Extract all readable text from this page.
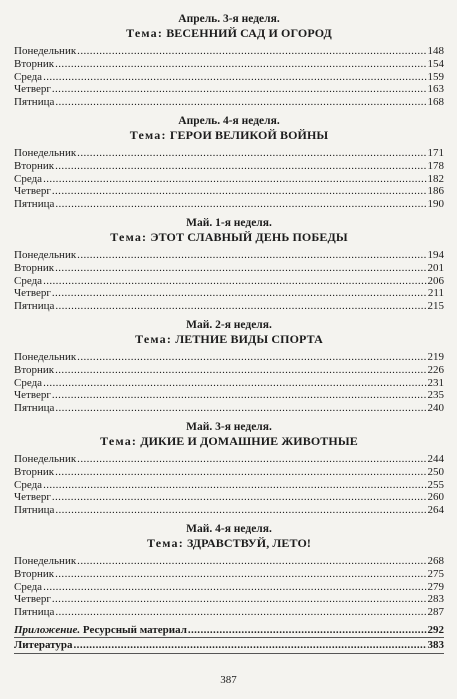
Апрель. 3-я неделя.
Тема: ВЕСЕННИЙ САД И ОГОРОД
Понедельник .....	148
Вторник .....	154
Среда .....	159
Четверг .....	163
Пятница .....	168
Апрель. 4-я неделя.
Тема: ГЕРОИ ВЕЛИКОЙ ВОЙНЫ
Понедельник .....	171
Вторник .....	178
Среда .....	182
Четверг .....	186
Пятница .....	190
Май. 1-я неделя.
Тема: ЭТОТ СЛАВНЫЙ ДЕНЬ ПОБЕДЫ
Понедельник .....	194
Вторник .....	201
Среда .....	206
Четверг .....	211
Пятница .....	215
Май. 2-я неделя.
Тема: ЛЕТНИЕ ВИДЫ СПОРТА
Понедельник .....	219
Вторник .....	226
Среда .....	231
Четверг .....	235
Пятница .....	240
Май. 3-я неделя.
Тема: ДИКИЕ И ДОМАШНИЕ ЖИВОТНЫЕ
Понедельник .....	244
Вторник .....	250
Среда .....	255
Четверг .....	260
Пятница .....	264
Май. 4-я неделя.
Тема: ЗДРАВСТВУЙ, ЛЕТО!
Понедельник .....	268
Вторник .....	275
Среда .....	279
Четверг .....	283
Пятница .....	287
Приложение. Ресурсный материал .....	292
Литература .....	383
387
